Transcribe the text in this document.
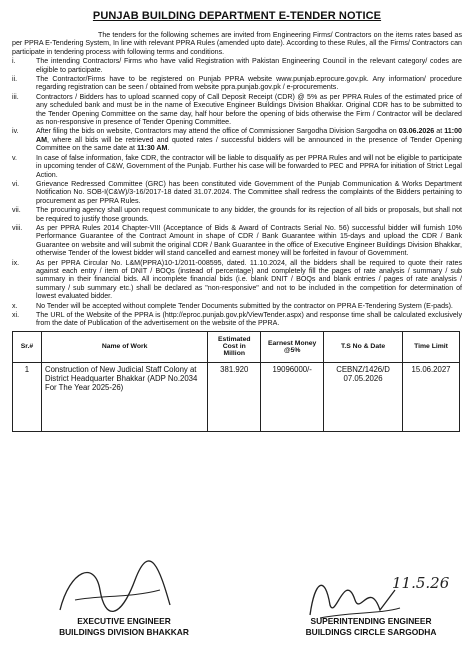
PUNJAB BUILDING DEPARTMENT E-TENDER NOTICE

The tenders for the following schemes are invited from Engineering Firms/ Contractors on the items rates based as per PPRA E-Tendering System, In line with relevant PPRA Rules (amended upto date). According to these Rules, all the Firms/ Contractors can participate in tendering process with following terms and conditions.

i.	The intending Contractors/ Firms who have valid Registration with Pakistan Engineering Council in the relevant category/ codes are eligible to participate.
ii.	The Contractor/Firms have to be registered on Punjab PPRA website www.punjab.eprocure.gov.pk. Any information/ procedure regarding registration can be seen / obtained from website ppra.punjab.gov.pk / e-procurements.
iii.	Contractors / Bidders has to upload scanned copy of Call Deposit Receipt (CDR) @ 5% as per PPRA Rules of the estimated price of any scheduled bank and must be in the name of Executive Engineer Buildings Division Bhakkar. Original CDR has to be submitted to the Tender Opening Committee on the same day, half hour before the opening of bids otherwise the Firm / Contractor will be declared as non-responsive in presence of Tender Opening Committee.
iv.	After filing the bids on website, Contractors may attend the office of Commissioner Sargodha Division Sargodha on 03.06.2026 at 11:00 AM, where all bids will be retrieved and quoted rates / successful bidders will be announced in the presence of Tender Opening Committee on the same date at 11:30 AM.
v.	In case of false information, fake CDR, the contractor will be liable to disqualify as per PPRA Rules and will not be eligible to participate in upcoming tender of C&W, Government of the Punjab. Further his case will be forwarded to PEC and PPRA for initiation of Strict Legal Action.
vi.	Grievance Redressed Committee (GRC) has been constituted vide Government of the Punjab Communication & Works Department Notification No. SOB-I(C&W)/3-16/2017-18 dated 31.07.2024. The Committee shall redress the complaints of the Bidders pertaining to procurement as per PPRA Rules.
vii.	The procuring agency shall upon request communicate to any bidder, the grounds for its rejection of all bids or proposals, but shall not be required to justify those grounds.
viii.	As per PPRA Rules 2014 Chapter-VIII (Acceptance of Bids & Award of Contracts Serial No. 56) successful bidder will furnish 10% Performance Guarantee of the Contract Amount in shape of CDR / Bank Guarantee within 15-days and upload the CDR / Bank Guarantee on website and will submit the original CDR / Bank Guarantee in the office of Executive Engineer Buildings Division Bhakkar, otherwise Tender of the lowest bidder will stand cancelled and earnest money will be forfeited in favour of Government.
ix.	As per PPRA Circular No. L&M(PPRA)10-1/2011-008595, dated. 11.10.2024, all the bidders shall be required to quote their rates against each entry / item of DNIT / BOQs (instead of percentage) and completely fill the pages of rate analysis / summary / sub summary in their financial bids. All incomplete financial bids (i.e. blank DNIT / BOQs and blank entries / pages of rate analysis / summary / sub summary etc.) shall be declared as "non-responsive" and not to be included in the competition for determination of lowest evaluated bidder.
x.	No Tender will be accepted without complete Tender Documents submitted by the contractor on PPRA E-Tendering System (E-pads).
xi.	The URL of the Website of the PPRA is (http://eproc.punjab.gov.pk/ViewTender.aspx) and response time shall be calculated exclusively from the date of Publication of the advertisement on the website of the PPRA.
Sr.#	Name of Work	Estimated Cost in Million	Earnest Money @5%	T.S No & Date	Time Limit
1	Construction of New Judicial Staff Colony at District Headquarter Bhakkar (ADP No.2034 For The Year 2025-26)	381.920	19096000/-	CEBNZ/1426/D 07.05.2026	15.06.2027
11.5.26
EXECUTIVE ENGINEER
BUILDINGS DIVISION BHAKKAR
SUPERINTENDING ENGINEER
BUILDINGS CIRCLE SARGODHA
